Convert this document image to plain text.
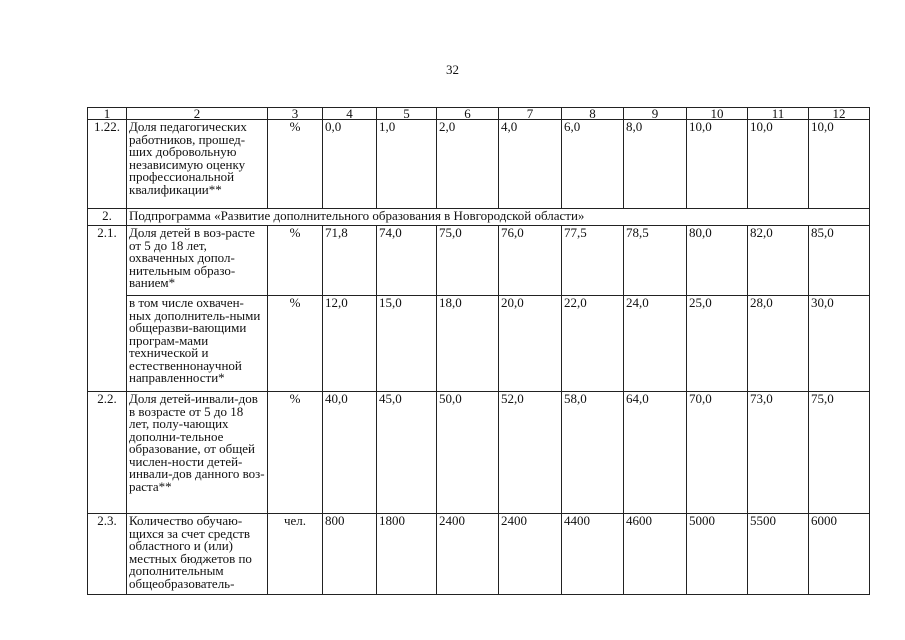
32
1	2	3	4	5	6	7	8	9	10	11	12
1.22.	Доля педагогических работников, прошед-ших добровольную независимую оценку профессиональной квалификации**	%	0,0	1,0	2,0	4,0	6,0	8,0	10,0	10,0	10,0
2.	Подпрограмма «Развитие дополнительного образования в Новгородской области»										
2.1.	Доля детей в воз-расте от 5 до 18 лет, охваченных допол-нительным образо-ванием*	%	71,8	74,0	75,0	76,0	77,5	78,5	80,0	82,0	85,0
	в том числе охвачен-ных дополнитель-ными общеразви-вающими програм-мами технической и естественнонаучной направленности*	%	12,0	15,0	18,0	20,0	22,0	24,0	25,0	28,0	30,0
2.2.	Доля детей-инвали-дов в возрасте от 5 до 18 лет, полу-чающих дополни-тельное образование, от общей числен-ности детей-инвали-дов данного воз-раста**	%	40,0	45,0	50,0	52,0	58,0	64,0	70,0	73,0	75,0
2.3.	Количество обучаю-щихся за счет средств областного и (или) местных бюджетов по дополнительным общеобразователь-	чел.	800	1800	2400	2400	4400	4600	5000	5500	6000
